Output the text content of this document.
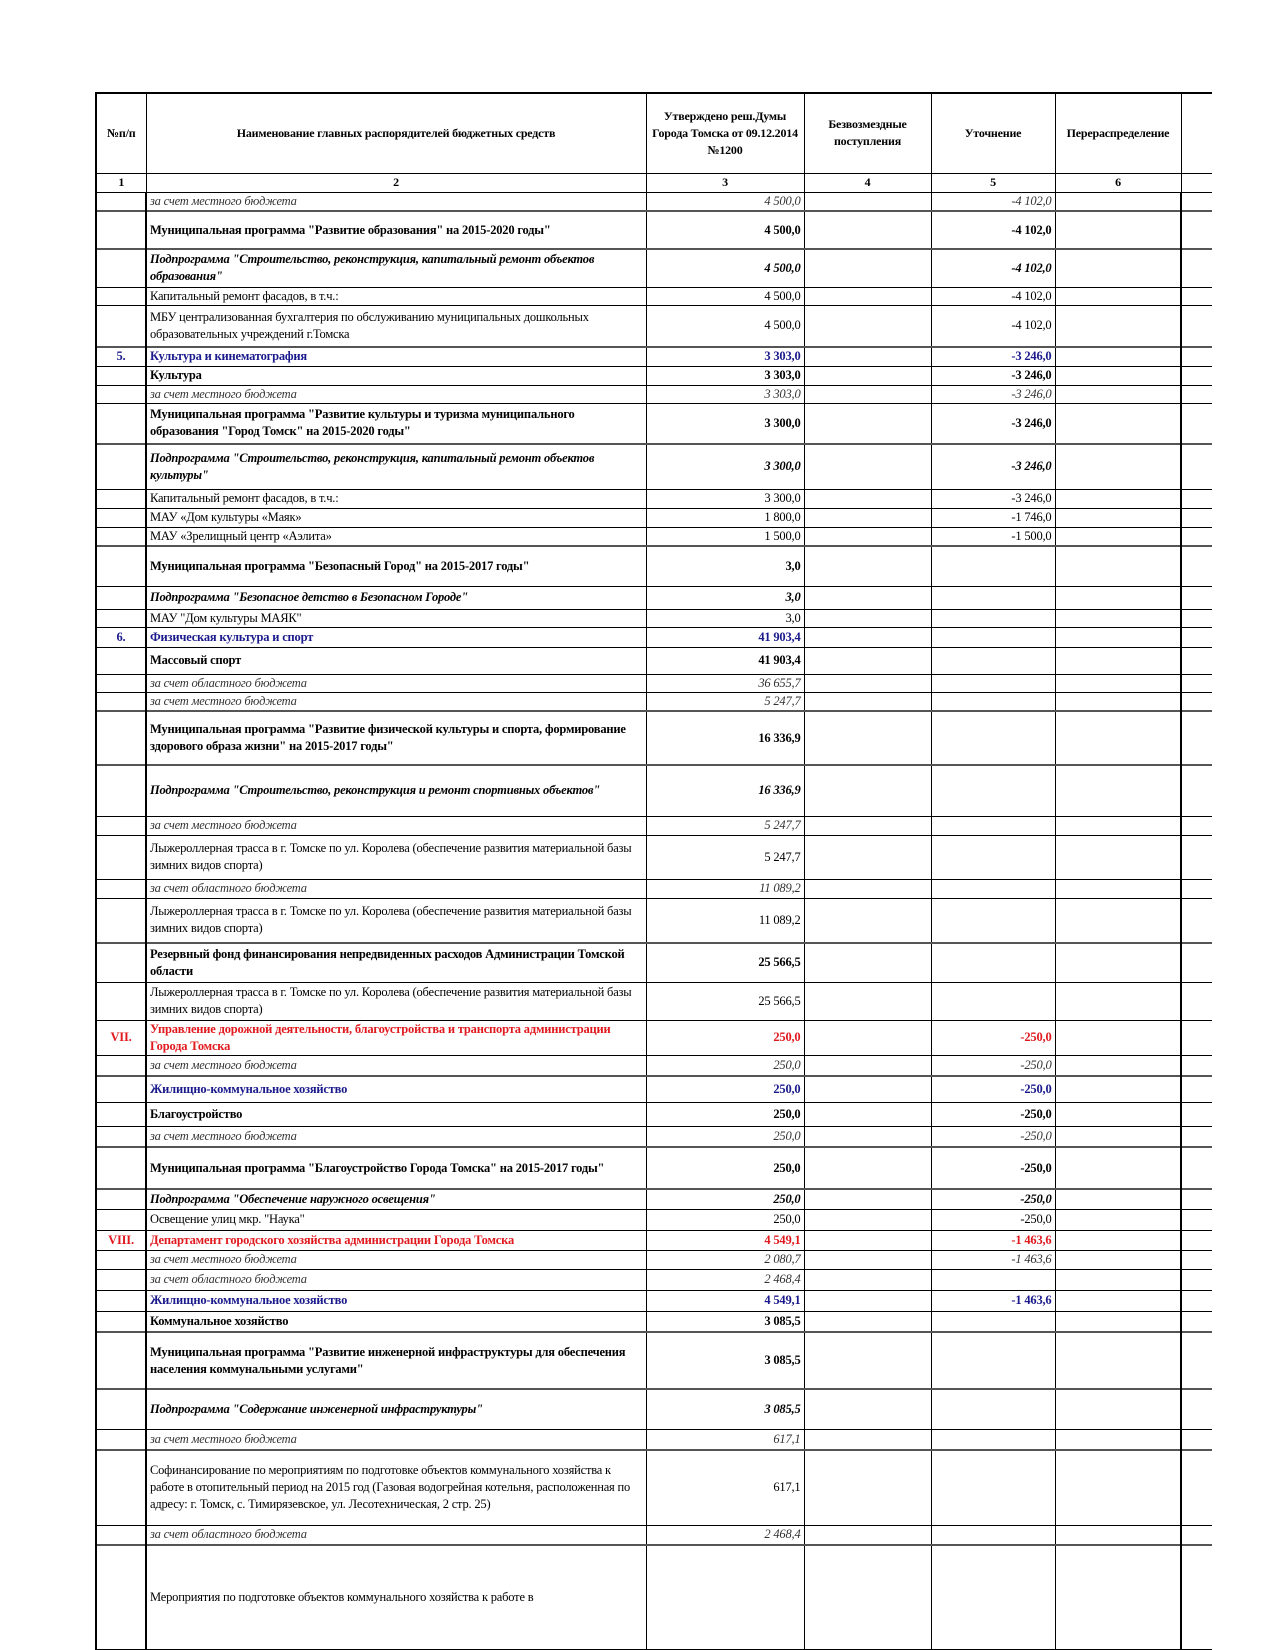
№п/п	Наименование главных распорядителей бюджетных средств	Утверждено реш.Думы Города Томска от 09.12.2014 №1200	Безвозмездные поступления	Уточнение	Перераспределение	
1	2	3	4	5	6	
	за счет местного бюджета	4 500,0		-4 102,0		
	Муниципальная программа "Развитие образования" на 2015-2020 годы"	4 500,0		-4 102,0		
	Подпрограмма "Строительство, реконструкция, капитальный ремонт объектов образования"	4 500,0		-4 102,0		
	Капитальный ремонт фасадов, в т.ч.:	4 500,0		-4 102,0		
	МБУ централизованная бухгалтерия по обслуживанию муниципальных дошкольных образовательных учреждений г.Томска	4 500,0		-4 102,0		
5.	Культура и кинематография	3 303,0		-3 246,0		
	Культура	3 303,0		-3 246,0		
	за счет местного бюджета	3 303,0		-3 246,0		
	Муниципальная программа "Развитие культуры и туризма муниципального образования "Город Томск" на 2015-2020 годы"	3 300,0		-3 246,0		
	Подпрограмма "Строительство, реконструкция, капитальный ремонт объектов культуры"	3 300,0		-3 246,0		
	Капитальный ремонт фасадов, в т.ч.:	3 300,0		-3 246,0		
	МАУ «Дом культуры «Маяк»	1 800,0		-1 746,0		
	МАУ «Зрелищный центр «Аэлита»	1 500,0		-1 500,0		
	Муниципальная программа "Безопасный Город" на 2015-2017 годы"	3,0				
	Подпрограмма "Безопасное детство в Безопасном Городе"	3,0				
	МАУ "Дом культуры МАЯК"	3,0				
6.	Физическая культура и спорт	41 903,4				
	Массовый спорт	41 903,4				
	за счет областного бюджета	36 655,7				
	за счет местного бюджета	5 247,7				
	Муниципальная программа "Развитие физической культуры и спорта, формирование здорового образа жизни" на 2015-2017 годы"	16 336,9				
	Подпрограмма "Строительство, реконструкция и ремонт спортивных объектов"	16 336,9				
	за счет местного бюджета	5 247,7				
	Лыжероллерная трасса в г. Томске по ул. Королева (обеспечение развития материальной базы зимних видов спорта)	5 247,7				
	за счет областного бюджета	11 089,2				
	Лыжероллерная трасса в г. Томске по ул. Королева (обеспечение развития материальной базы зимних видов спорта)	11 089,2				
	Резервный фонд финансирования непредвиденных расходов Администрации Томской области	25 566,5				
	Лыжероллерная трасса в г. Томске по ул. Королева (обеспечение развития материальной базы зимних видов спорта)	25 566,5				
VII.	Управление дорожной деятельности, благоустройства и транспорта администрации Города Томска	250,0		-250,0		
	за счет местного бюджета	250,0		-250,0		
	Жилищно-коммунальное хозяйство	250,0		-250,0		
	Благоустройство	250,0		-250,0		
	за счет местного бюджета	250,0		-250,0		
	Муниципальная программа "Благоустройство Города Томска" на 2015-2017 годы"	250,0		-250,0		
	Подпрограмма "Обеспечение наружного освещения"	250,0		-250,0		
	Освещение улиц мкр. "Наука"	250,0		-250,0		
VIII.	Департамент городского хозяйства администрации Города Томска	4 549,1		-1 463,6		
	за счет местного бюджета	2 080,7		-1 463,6		
	за счет областного бюджета	2 468,4				
	Жилищно-коммунальное хозяйство	4 549,1		-1 463,6		
	Коммунальное хозяйство	3 085,5				
	Муниципальная программа "Развитие инженерной инфраструктуры для обеспечения населения коммунальными услугами"	3 085,5				
	Подпрограмма "Содержание инженерной инфраструктуры"	3 085,5				
	за счет местного бюджета	617,1				
	Софинансирование по мероприятиям по подготовке объектов коммунального хозяйства к работе в отопительный период на 2015 год (Газовая водогрейная котельня, расположенная по адресу: г. Томск, с. Тимирязевское, ул. Лесотехническая, 2 стр. 25)	617,1				
	за счет областного бюджета	2 468,4				
	Мероприятия по подготовке объектов коммунального хозяйства к работе в					
